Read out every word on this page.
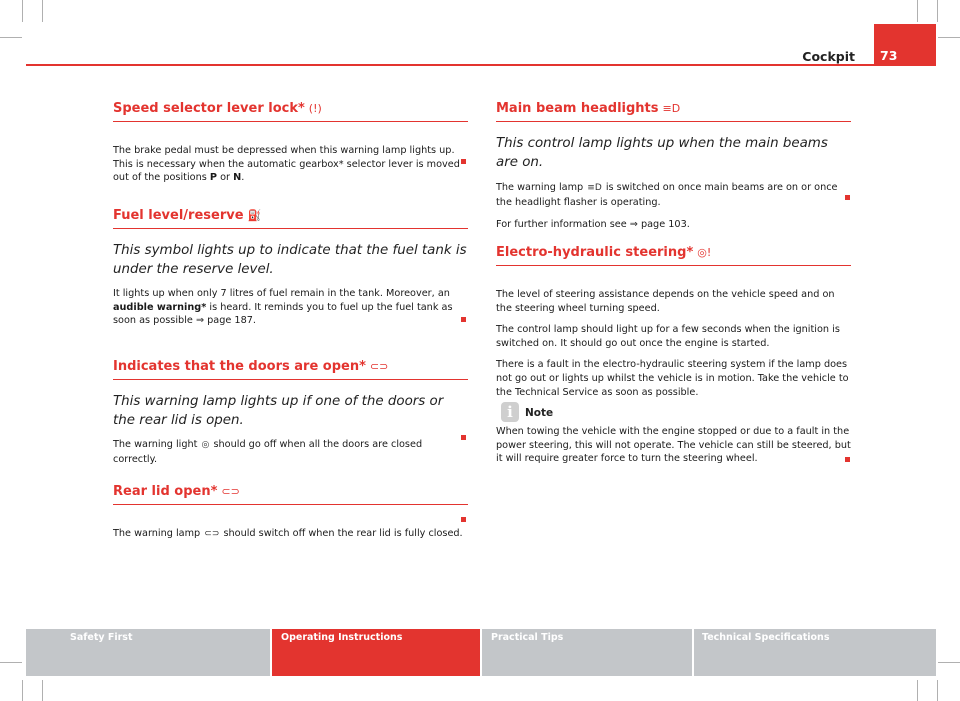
Cockpit	73
Speed selector lever lock* (!)

The brake pedal must be depressed when this warning lamp lights up. This is necessary when the automatic gearbox* selector lever is moved out of the positions P or N.

Fuel level/reserve ⛽

This symbol lights up to indicate that the fuel tank is under the reserve level.

It lights up when only 7 litres of fuel remain in the tank. Moreover, an audible warning* is heard. It reminds you to fuel up the fuel tank as soon as possible ⇒ page 187.

Indicates that the doors are open* ⊂⊃

This warning lamp lights up if one of the doors or the rear lid is open.

The warning light ◎ should go off when all the doors are closed correctly.

Rear lid open* ⊂⊃

The warning lamp ⊂⊃ should switch off when the rear lid is fully closed.

Main beam headlights ≡D

This control lamp lights up when the main beams are on.

The warning lamp ≡D is switched on once main beams are on or once the headlight flasher is operating.

For further information see ⇒ page 103.

Electro-hydraulic steering* ◎!

The level of steering assistance depends on the vehicle speed and on the steering wheel turning speed.

The control lamp should light up for a few seconds when the ignition is switched on. It should go out once the engine is started.

There is a fault in the electro-hydraulic steering system if the lamp does not go out or lights up whilst the vehicle is in motion. Take the vehicle to the Technical Service as soon as possible.

i	Note

When towing the vehicle with the engine stopped or due to a fault in the power steering, this will not operate. The vehicle can still be steered, but it will require greater force to turn the steering wheel.

Safety First	Operating Instructions	Practical Tips	Technical Specifications
